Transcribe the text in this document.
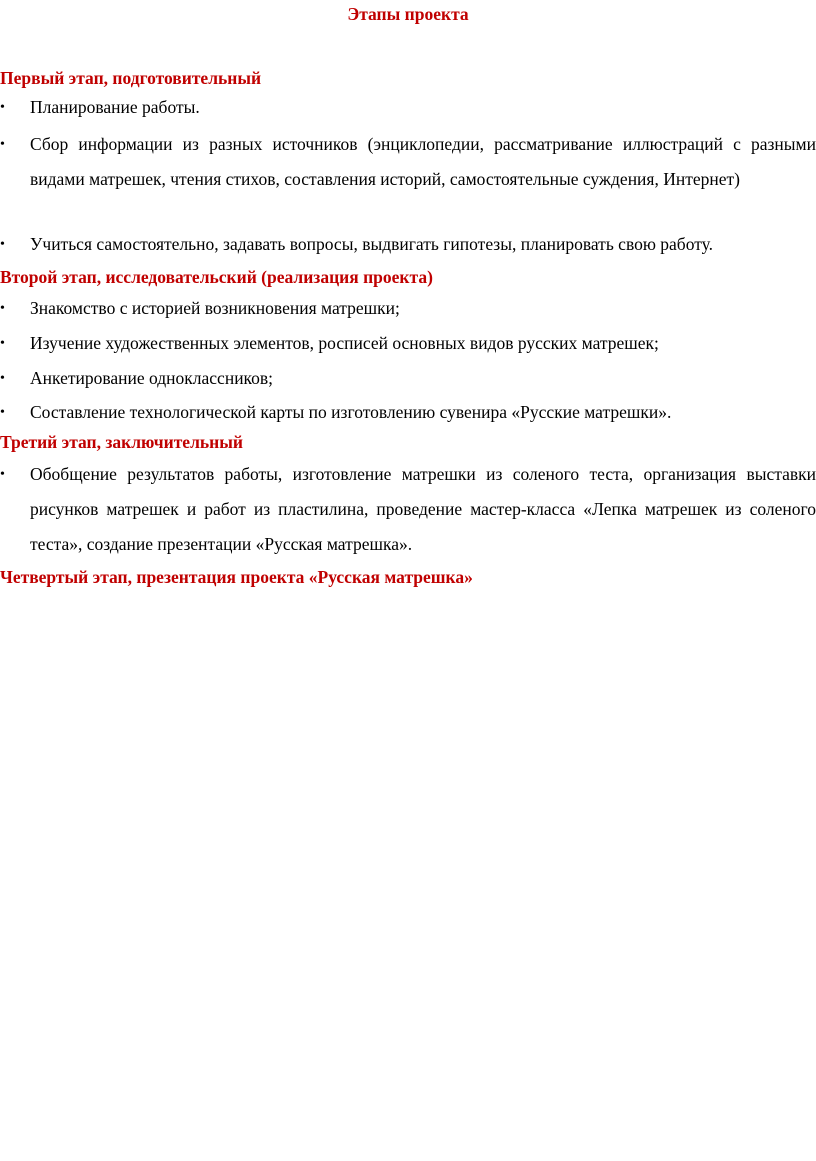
Этапы проекта
Первый этап, подготовительный
•	Планирование работы.
•	Сбор информации из разных источников (энциклопедии, рассматривание иллюстраций с разными видами матрешек, чтения стихов, составления историй, самостоятельные суждения, Интернет)
•	Учиться самостоятельно, задавать вопросы, выдвигать гипотезы, планировать свою работу.
Второй этап, исследовательский (реализация проекта)
•	Знакомство с историей возникновения матрешки;
•	Изучение художественных элементов, росписей основных видов русских матрешек;
•	Анкетирование одноклассников;
•	Составление технологической карты по изготовлению сувенира «Русские матрешки».
Третий этап, заключительный
•	Обобщение результатов работы, изготовление матрешки из соленого теста, организация выставки рисунков матрешек и работ из пластилина, проведение мастер-класса «Лепка матрешек из соленого теста», создание презентации «Русская матрешка».
Четвертый этап, презентация проекта «Русская матрешка»
